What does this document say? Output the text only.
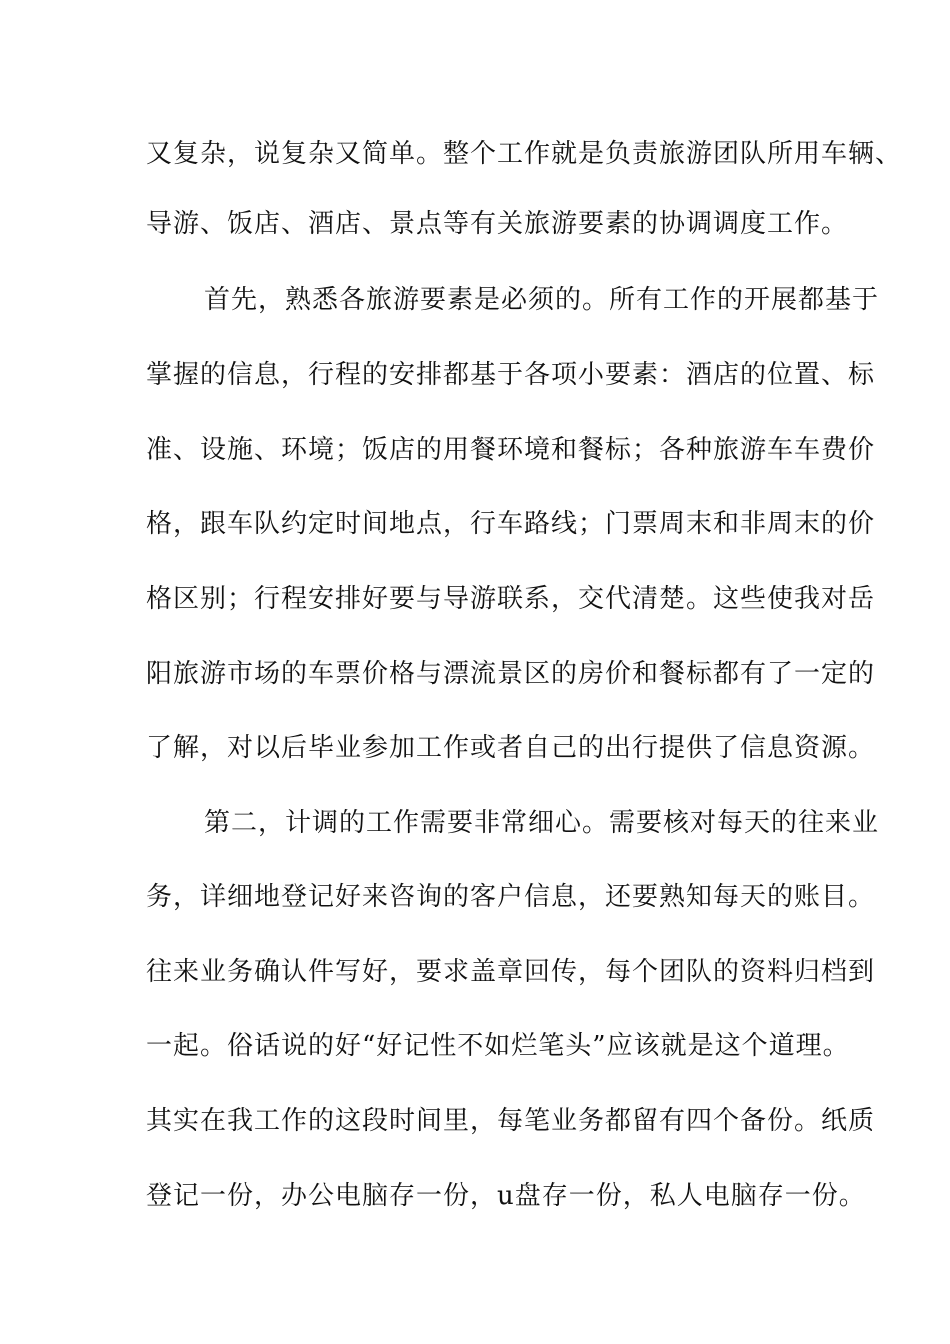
又复杂，说复杂又简单。整个工作就是负责旅游团队所用车辆、
导游、饭店、酒店、景点等有关旅游要素的协调调度工作。
首先，熟悉各旅游要素是必须的。所有工作的开展都基于
掌握的信息，行程的安排都基于各项小要素：酒店的位置、标
准、设施、环境；饭店的用餐环境和餐标；各种旅游车车费价
格，跟车队约定时间地点，行车路线；门票周末和非周末的价
格区别；行程安排好要与导游联系，交代清楚。这些使我对岳
阳旅游市场的车票价格与漂流景区的房价和餐标都有了一定的
了解，对以后毕业参加工作或者自己的出行提供了信息资源。
第二，计调的工作需要非常细心。需要核对每天的往来业
务，详细地登记好来咨询的客户信息，还要熟知每天的账目。
往来业务确认件写好，要求盖章回传，每个团队的资料归档到
一起。俗话说的好“好记性不如烂笔头”应该就是这个道理。
其实在我工作的这段时间里，每笔业务都留有四个备份。纸质
登记一份，办公电脑存一份，u盘存一份，私人电脑存一份。
